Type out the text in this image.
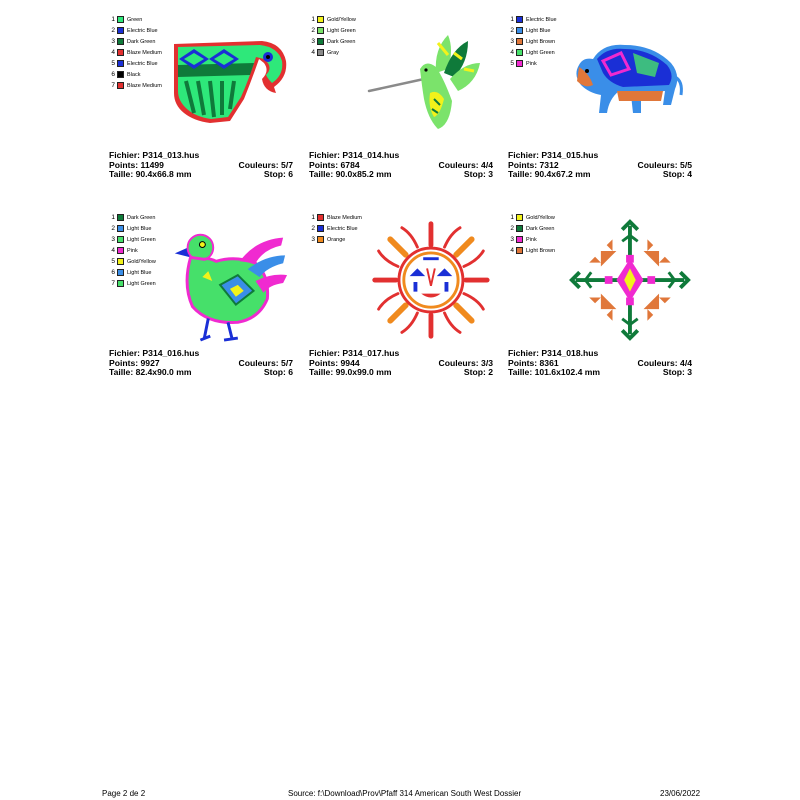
1 Green
2 Electric Blue
3 Dark Green
4 Blaze Medium
5 Electric Blue
6 Black
7 Blaze Medium
Fichier: P314_013.hus
Points: 11499	Couleurs: 5/7
Taille: 90.4x66.8 mm	Stop: 6
1 Gold/Yellow
2 Light Green
3 Dark Green
4 Gray
Fichier: P314_014.hus
Points: 6784	Couleurs: 4/4
Taille: 90.0x85.2 mm	Stop: 3
1 Electric Blue
2 Light Blue
3 Light Brown
4 Light Green
5 Pink
Fichier: P314_015.hus
Points: 7312	Couleurs: 5/5
Taille: 90.4x67.2 mm	Stop: 4
1 Dark Green
2 Light Blue
3 Light Green
4 Pink
5 Gold/Yellow
6 Light Blue
7 Light Green
Fichier: P314_016.hus
Points: 9927	Couleurs: 5/7
Taille: 82.4x90.0 mm	Stop: 6
1 Blaze Medium
2 Electric Blue
3 Orange
Fichier: P314_017.hus
Points: 9944	Couleurs: 3/3
Taille: 99.0x99.0 mm	Stop: 2
1 Gold/Yellow
2 Dark Green
3 Pink
4 Light Brown
Fichier: P314_018.hus
Points: 8361	Couleurs: 4/4
Taille: 101.6x102.4 mm	Stop: 3
Page 2 de 2	Source: f:\Download\Prov\Pfaff 314 American South West Dossier	23/06/2022
